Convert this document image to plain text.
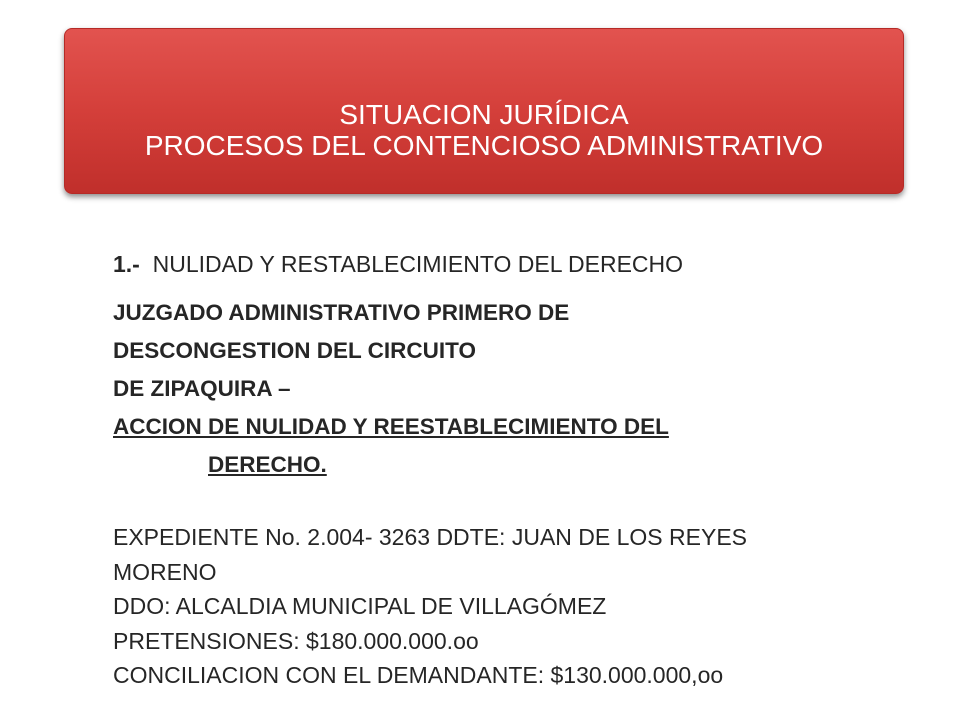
SITUACION JURÍDICA
PROCESOS DEL CONTENCIOSO ADMINISTRATIVO	-

1.- NULIDAD Y RESTABLECIMIENTO DEL DERECHO

JUZGADO ADMINISTRATIVO PRIMERO DE
DESCONGESTION DEL CIRCUITO
DE ZIPAQUIRA –
ACCION DE NULIDAD Y REESTABLECIMIENTO DEL
DERECHO.

EXPEDIENTE No. 2.004- 3263 DDTE: JUAN DE LOS REYES
MORENO
DDO: ALCALDIA MUNICIPAL DE VILLAGÓMEZ
PRETENSIONES: $180.000.000.oo
CONCILIACION CON EL DEMANDANTE: $130.000.000,oo
